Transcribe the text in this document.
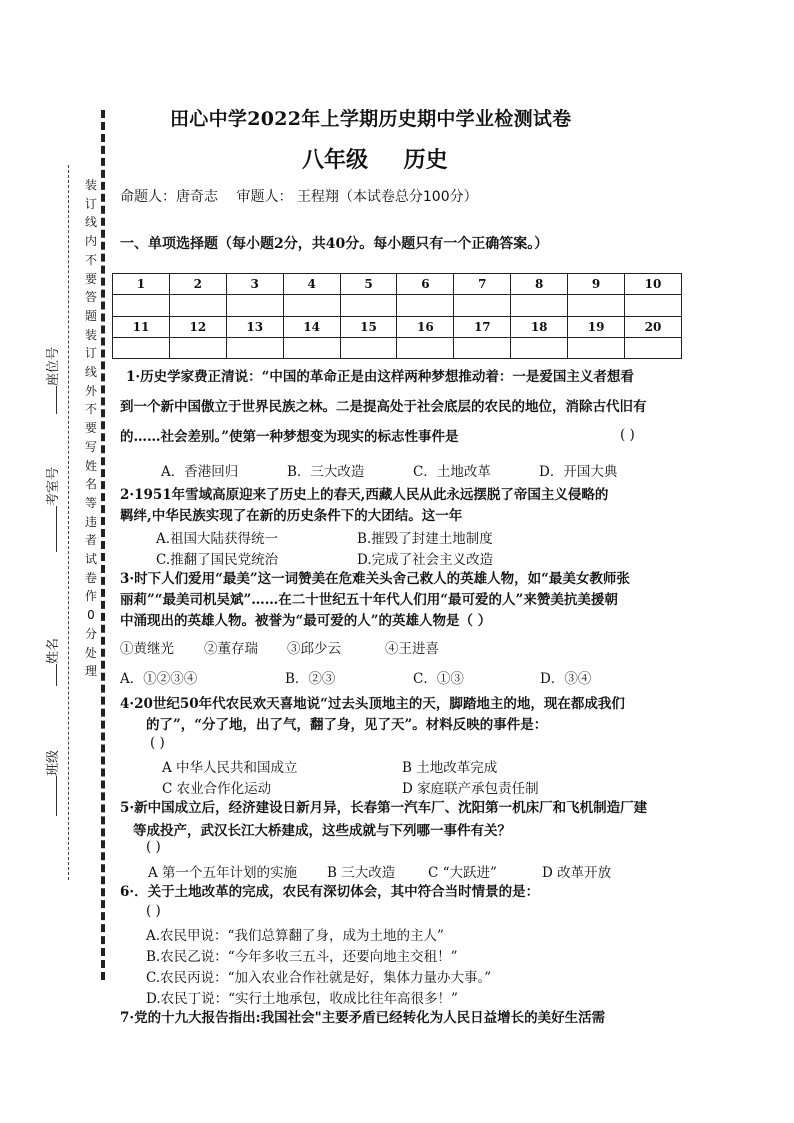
装
订
线
内
不
要
答
题
装
订
线
外
不
要
写
姓
名
等
违
者
试
卷
作
0
分
处
理
座位号
考室号
姓名
班级
田心中学2022年上学期历史期中学业检测试卷
八年级 历史
命题人：唐奇志 审题人： 王程翔（本试卷总分100分）
一、单项选择题（每小题2分，共40分。每小题只有一个正确答案。）
1	2	3	4	5	6	7	8	9	10

11	12	13	14	15	16	17	18	19	20

1·历史学家费正清说：“中国的革命正是由这样两种梦想推动着：一是爱国主义者想看
到一个新中国傲立于世界民族之林。二是提高处于社会底层的农民的地位，消除古代旧有
的……社会差别。”使第一种梦想变为现实的标志性事件是	( )
A．香港回归	B．三大改造	C．土地改革	D．开国大典
2·1951年雪域高原迎来了历史上的春天,西藏人民从此永远摆脱了帝国主义侵略的
羁绊,中华民族实现了在新的历史条件下的大团结。这一年
A.祖国大陆获得统一	B.摧毁了封建土地制度
C.推翻了国民党统治	D.完成了社会主义改造
3·时下人们爱用“最美”这一词赞美在危难关头舍己救人的英雄人物，如“最美女教师张
丽莉”“最美司机吴斌”……在二十世纪五十年代人们用“最可爱的人”来赞美抗美援朝
中涌现出的英雄人物。被誉为“最可爱的人”的英雄人物是（ ）
①黄继光 ②董存瑞 ③邱少云	④王进喜
A．①②③④	B．②③	C．①③	D．③④
4·20世纪50年代农民欢天喜地说“过去头顶地主的天，脚踏地主的地，现在都成我们
的了”，“分了地，出了气，翻了身，见了天”。材料反映的事件是：
( )
A 中华人民共和国成立	B 土地改革完成
C 农业合作化运动	D 家庭联产承包责任制
5·新中国成立后，经济建设日新月异，长春第一汽车厂、沈阳第一机床厂和飞机制造厂建
等成投产，武汉长江大桥建成，这些成就与下列哪一事件有关？
( )
A 第一个五年计划的实施 B 三大改造 C “大跃进”	D 改革开放
6·．关于土地改革的完成，农民有深切体会，其中符合当时情景的是：
( )
A.农民甲说：“我们总算翻了身，成为土地的主人”
B.农民乙说：“今年多收三五斗，还要向地主交租！”
C.农民丙说：“加入农业合作社就是好，集体力量办大事。”
D.农民丁说：“实行土地承包，收成比往年高很多！”
7·党的十九大报告指出:我国社会"主要矛盾已经转化为人民日益增长的美好生活需
